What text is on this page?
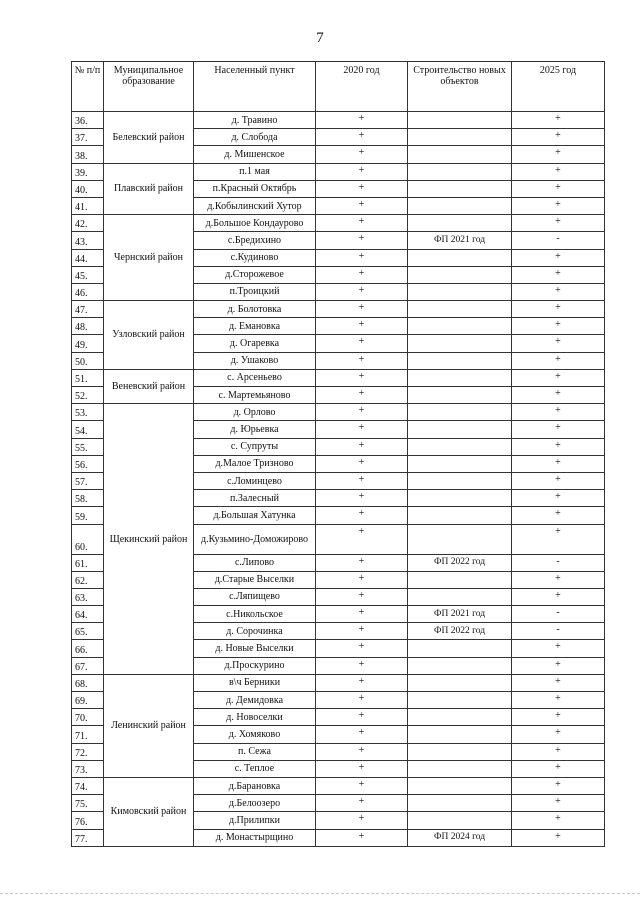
7
№ п/п	Муниципальное образование	Населенный пункт	2020 год	Строительство новых объектов	2025 год
36.	Белевский район	д. Травино	+		+
37.		д. Слобода	+		+
38.		д. Мишенское	+		+
39.	Плавский район	п.1 мая	+		+
40.		п.Красный Октябрь	+		+
41.		д.Кобылинский Хутор	+		+
42.	Чернский район	д.Большое Кондаурово	+		+
43.		с.Бредихино	+	ФП 2021 год	-
44.		с.Кудиново	+		+
45.		д.Сторожевое	+		+
46.		п.Троицкий	+		+
47.	Узловский район	д. Болотовка	+		+
48.		д. Емановка	+		+
49.		д. Огаревка	+		+
50.		д. Ушаково	+		+
51.	Веневский район	с. Арсеньево	+		+
52.		с. Мартемьяново	+		+
53.	Щекинский район	д. Орлово	+		+
54.		д. Юрьевка	+		+
55.		с. Супруты	+		+
56.		д.Малое Тризново	+		+
57.		с.Ломинцево	+		+
58.		п.Залесный	+		+
59.		д.Большая Хатунка	+		+
60.		д.Кузьмино-Доможирово	+		+
61.		с.Липово	+	ФП 2022 год	-
62.		д.Старые Выселки	+		+
63.		с.Ляпищево	+		+
64.		с.Никольское	+	ФП 2021 год	-
65.		д. Сорочинка	+	ФП 2022 год	-
66.		д. Новые Выселки	+		+
67.		д.Проскурино	+		+
68.	Ленинский район	в\ч Берники	+		+
69.		д. Демидовка	+		+
70.		д. Новоселки	+		+
71.		д. Хомяково	+		+
72.		п. Сежа	+		+
73.		с. Теплое	+		+
74.	Кимовский район	д.Барановка	+		+
75.		д.Белоозеро	+		+
76.		д.Прилипки	+		+
77.		д. Монастырщино	+	ФП 2024 год	+
